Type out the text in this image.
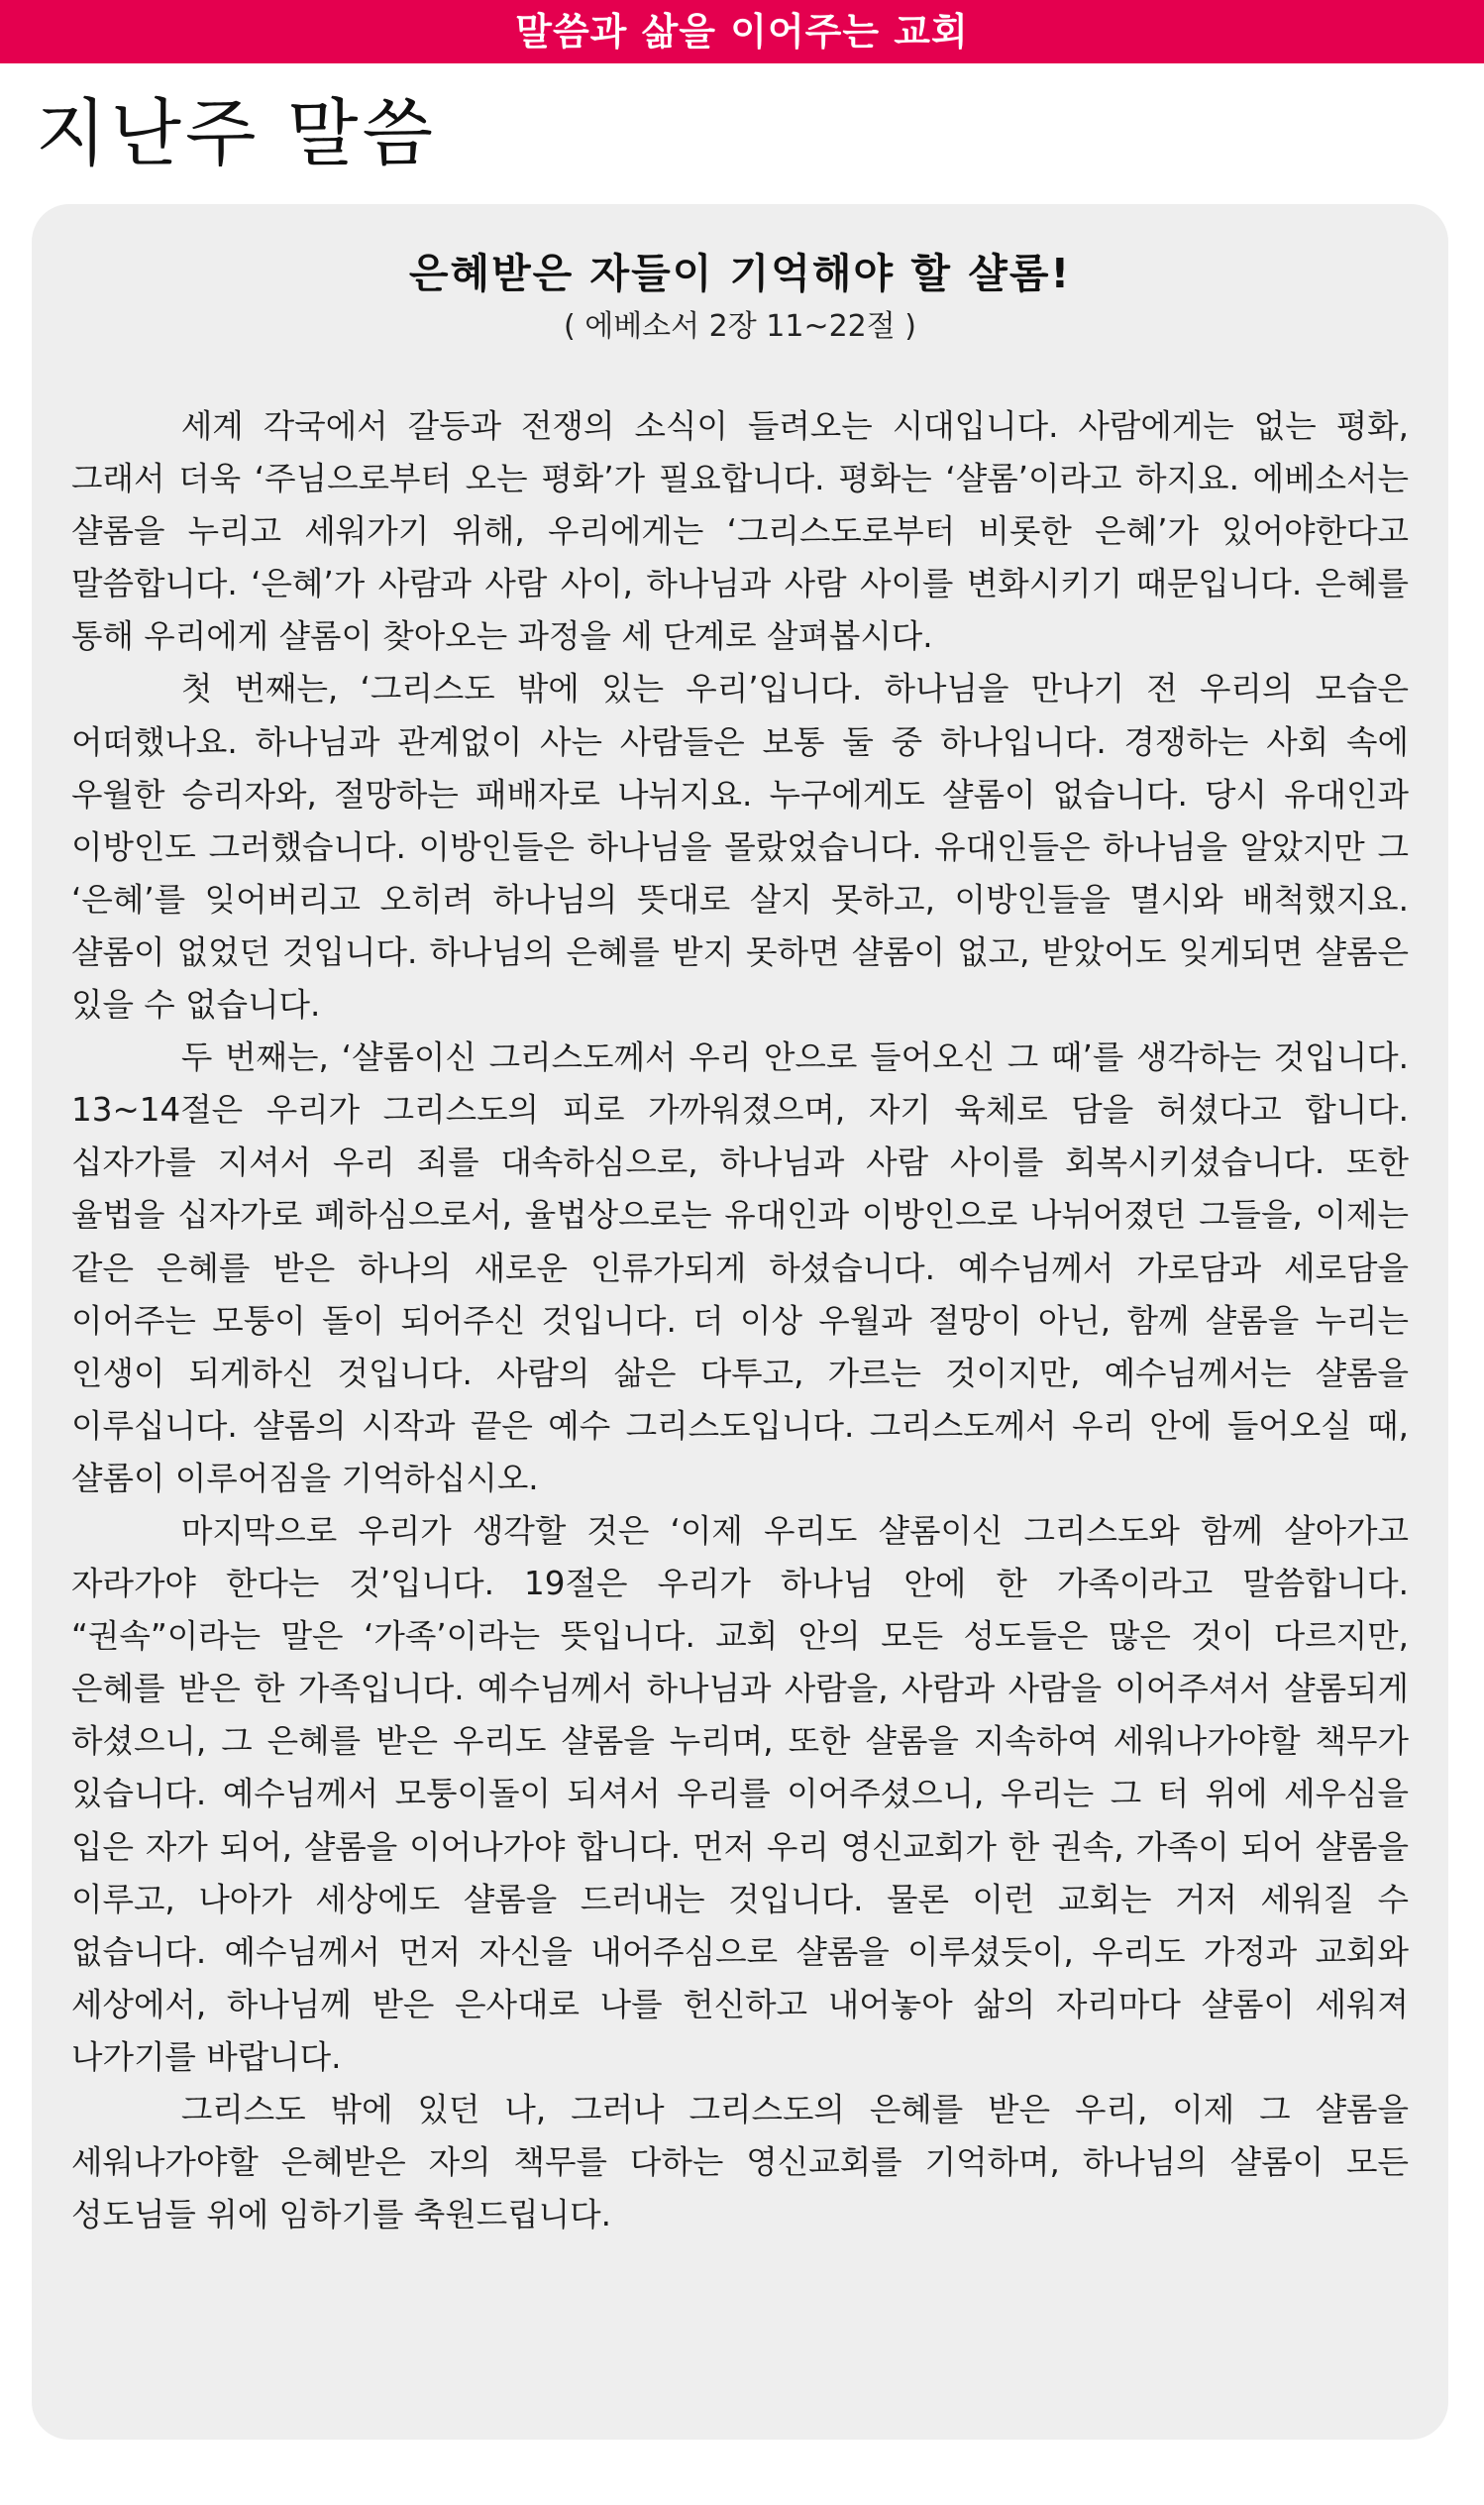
말씀과 삶을 이어주는 교회
지난주 말씀
은혜받은 자들이 기억해야 할 샬롬!
( 에베소서 2장 11~22절 )

세계 각국에서 갈등과 전쟁의 소식이 들려오는 시대입니다. 사람에게는 없는 평화, 그래서 더욱 ‘주님으로부터 오는 평화’가 필요합니다. 평화는 ‘샬롬’이라고 하지요. 에베소서는 샬롬을 누리고 세워가기 위해, 우리에게는 ‘그리스도로부터 비롯한 은혜’가 있어야한다고 말씀합니다. ‘은혜’가 사람과 사람 사이, 하나님과 사람 사이를 변화시키기 때문입니다. 은혜를 통해 우리에게 샬롬이 찾아오는 과정을 세 단계로 살펴봅시다.

첫 번째는, ‘그리스도 밖에 있는 우리’입니다. 하나님을 만나기 전 우리의 모습은 어떠했나요. 하나님과 관계없이 사는 사람들은 보통 둘 중 하나입니다. 경쟁하는 사회 속에 우월한 승리자와, 절망하는 패배자로 나뉘지요. 누구에게도 샬롬이 없습니다. 당시 유대인과 이방인도 그러했습니다. 이방인들은 하나님을 몰랐었습니다. 유대인들은 하나님을 알았지만 그 ‘은혜’를 잊어버리고 오히려 하나님의 뜻대로 살지 못하고, 이방인들을 멸시와 배척했지요. 샬롬이 없었던 것입니다. 하나님의 은혜를 받지 못하면 샬롬이 없고, 받았어도 잊게되면 샬롬은 있을 수 없습니다.

두 번째는, ‘샬롬이신 그리스도께서 우리 안으로 들어오신 그 때’를 생각하는 것입니다. 13~14절은 우리가 그리스도의 피로 가까워졌으며, 자기 육체로 담을 허셨다고 합니다. 십자가를 지셔서 우리 죄를 대속하심으로, 하나님과 사람 사이를 회복시키셨습니다. 또한 율법을 십자가로 폐하심으로서, 율법상으로는 유대인과 이방인으로 나뉘어졌던 그들을, 이제는 같은 은혜를 받은 하나의 새로운 인류가되게 하셨습니다. 예수님께서 가로담과 세로담을 이어주는 모퉁이 돌이 되어주신 것입니다. 더 이상 우월과 절망이 아닌, 함께 샬롬을 누리는 인생이 되게하신 것입니다. 사람의 삶은 다투고, 가르는 것이지만, 예수님께서는 샬롬을 이루십니다. 샬롬의 시작과 끝은 예수 그리스도입니다. 그리스도께서 우리 안에 들어오실 때, 샬롬이 이루어짐을 기억하십시오.

마지막으로 우리가 생각할 것은 ‘이제 우리도 샬롬이신 그리스도와 함께 살아가고 자라가야 한다는 것’입니다. 19절은 우리가 하나님 안에 한 가족이라고 말씀합니다. “권속”이라는 말은 ‘가족’이라는 뜻입니다. 교회 안의 모든 성도들은 많은 것이 다르지만, 은혜를 받은 한 가족입니다. 예수님께서 하나님과 사람을, 사람과 사람을 이어주셔서 샬롬되게 하셨으니, 그 은혜를 받은 우리도 샬롬을 누리며, 또한 샬롬을 지속하여 세워나가야할 책무가 있습니다. 예수님께서 모퉁이돌이 되셔서 우리를 이어주셨으니, 우리는 그 터 위에 세우심을 입은 자가 되어, 샬롬을 이어나가야 합니다. 먼저 우리 영신교회가 한 권속, 가족이 되어 샬롬을 이루고, 나아가 세상에도 샬롬을 드러내는 것입니다. 물론 이런 교회는 거저 세워질 수 없습니다. 예수님께서 먼저 자신을 내어주심으로 샬롬을 이루셨듯이, 우리도 가정과 교회와 세상에서, 하나님께 받은 은사대로 나를 헌신하고 내어놓아 삶의 자리마다 샬롬이 세워져 나가기를 바랍니다.

그리스도 밖에 있던 나, 그러나 그리스도의 은혜를 받은 우리, 이제 그 샬롬을 세워나가야할 은혜받은 자의 책무를 다하는 영신교회를 기억하며, 하나님의 샬롬이 모든 성도님들 위에 임하기를 축원드립니다.
